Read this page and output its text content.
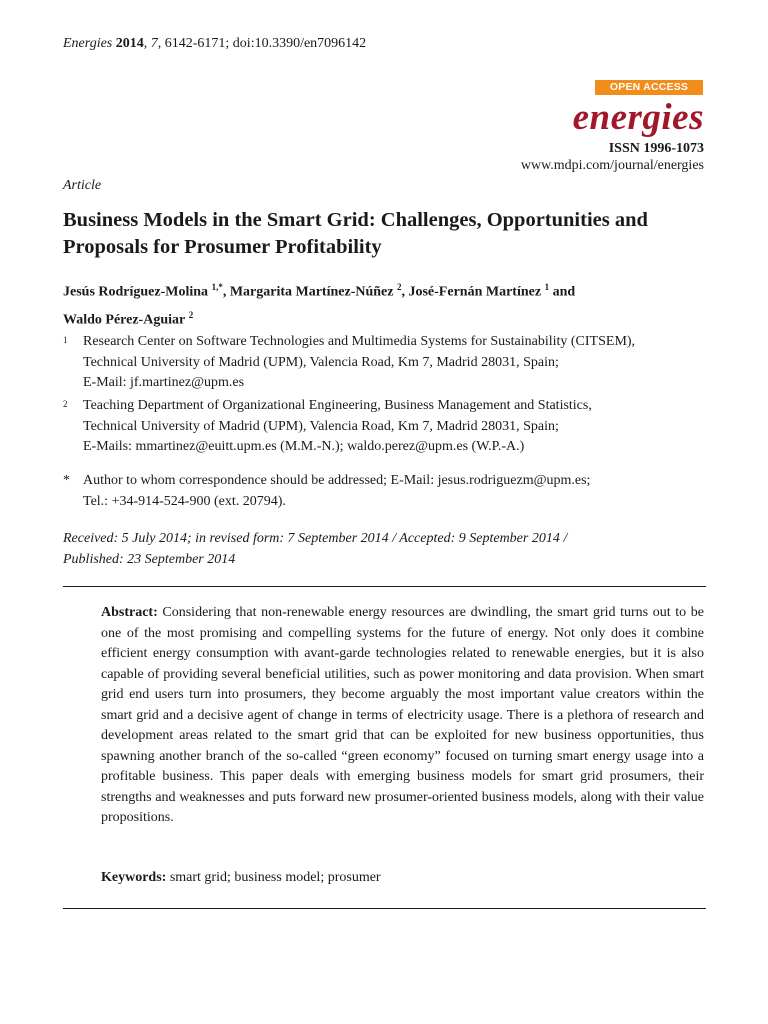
Energies 2014, 7, 6142-6171; doi:10.3390/en7096142
OPEN ACCESS
energies
ISSN 1996-1073
www.mdpi.com/journal/energies
Article
Business Models in the Smart Grid: Challenges, Opportunities and Proposals for Prosumer Profitability
Jesús Rodríguez-Molina $^{1,*}$, Margarita Martínez-Núñez $^2$, José-Fernán Martínez $^1$ and
Waldo Pérez-Aguiar $^2$
1 Research Center on Software Technologies and Multimedia Systems for Sustainability (CITSEM),
Technical University of Madrid (UPM), Valencia Road, Km 7, Madrid 28031, Spain;
E-Mail: jf.martinez@upm.es
2 Teaching Department of Organizational Engineering, Business Management and Statistics,
Technical University of Madrid (UPM), Valencia Road, Km 7, Madrid 28031, Spain;
E-Mails: mmartinez@euitt.upm.es (M.M.-N.); waldo.perez@upm.es (W.P.-A.)
* Author to whom correspondence should be addressed; E-Mail: jesus.rodriguezm@upm.es;
Tel.: +34-914-524-900 (ext. 20794).
Received: 5 July 2014; in revised form: 7 September 2014 / Accepted: 9 September 2014 /
Published: 23 September 2014
Abstract: Considering that non-renewable energy resources are dwindling, the smart grid turns out to be one of the most promising and compelling systems for the future of energy. Not only does it combine efficient energy consumption with avant-garde technologies related to renewable energies, but it is also capable of providing several beneficial utilities, such as power monitoring and data provision. When smart grid end users turn into prosumers, they become arguably the most important value creators within the smart grid and a decisive agent of change in terms of electricity usage. There is a plethora of research and development areas related to the smart grid that can be exploited for new business opportunities, thus spawning another branch of the so-called “green economy” focused on turning smart energy usage into a profitable business. This paper deals with emerging business models for smart grid prosumers, their strengths and weaknesses and puts forward new prosumer-oriented business models, along with their value propositions.
Keywords: smart grid; business model; prosumer
